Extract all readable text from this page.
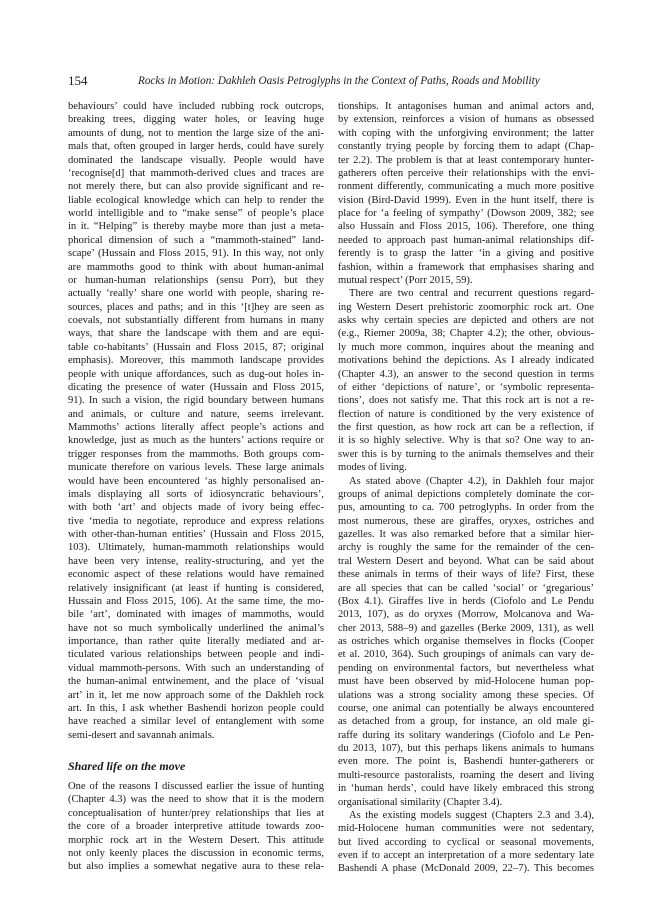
154	Rocks in Motion: Dakhleh Oasis Petroglyphs in the Context of Paths, Roads and Mobility
behaviours’ could have included rubbing rock outcrops,
breaking trees, digging water holes, or leaving huge
amounts of dung, not to mention the large size of the ani-
mals that, often grouped in larger herds, could have surely
dominated the landscape visually. People would have
‘recognise[d] that mammoth-derived clues and traces are
not merely there, but can also provide significant and re-
liable ecological knowledge which can help to render the
world intelligible and to “make sense” of people’s place
in it. “Helping” is thereby maybe more than just a meta-
phorical dimension of such a “mammoth-stained” land-
scape’ (Hussain and Floss 2015, 91). In this way, not only
are mammoths good to think with about human-animal
or human-human relationships (sensu Porr), but they
actually ‘really’ share one world with people, sharing re-
sources, places and paths; and in this ‘[t]hey are seen as
coevals, not substantially different from humans in many
ways, that share the landscape with them and are equi-
table co-habitants’ (Hussain and Floss 2015, 87; original
emphasis). Moreover, this mammoth landscape provides
people with unique affordances, such as dug-out holes in-
dicating the presence of water (Hussain and Floss 2015,
91). In such a vision, the rigid boundary between humans
and animals, or culture and nature, seems irrelevant.
Mammoths’ actions literally affect people’s actions and
knowledge, just as much as the hunters’ actions require or
trigger responses from the mammoths. Both groups com-
municate therefore on various levels. These large animals
would have been encountered ‘as highly personalised an-
imals displaying all sorts of idiosyncratic behaviours’,
with both ‘art’ and objects made of ivory being effec-
tive ‘media to negotiate, reproduce and express relations
with other-than-human entities’ (Hussain and Floss 2015,
103). Ultimately, human-mammoth relationships would
have been very intense, reality-structuring, and yet the
economic aspect of these relations would have remained
relatively insignificant (at least if hunting is considered,
Hussain and Floss 2015, 106). At the same time, the mo-
bile ‘art’, dominated with images of mammoths, would
have not so much symbolically underlined the animal’s
importance, than rather quite literally mediated and ar-
ticulated various relationships between people and indi-
vidual mammoth-persons. With such an understanding of
the human-animal entwinement, and the place of ‘visual
art’ in it, let me now approach some of the Dakhleh rock
art. In this, I ask whether Bashendi horizon people could
have reached a similar level of entanglement with some
semi-desert and savannah animals.
Shared life on the move
One of the reasons I discussed earlier the issue of hunting
(Chapter 4.3) was the need to show that it is the modern
conceptualisation of hunter/prey relationships that lies at
the core of a broader interpretive attitude towards zoo-
morphic rock art in the Western Desert. This attitude
not only keenly places the discussion in economic terms,
but also implies a somewhat negative aura to these rela-
tionships. It antagonises human and animal actors and,
by extension, reinforces a vision of humans as obsessed
with coping with the unforgiving environment; the latter
constantly trying people by forcing them to adapt (Chap-
ter 2.2). The problem is that at least contemporary hunter-
gatherers often perceive their relationships with the envi-
ronment differently, communicating a much more positive
vision (Bird-David 1999). Even in the hunt itself, there is
place for ‘a feeling of sympathy’ (Dowson 2009, 382; see
also Hussain and Floss 2015, 106). Therefore, one thing
needed to approach past human-animal relationships dif-
ferently is to grasp the latter ‘in a giving and positive
fashion, within a framework that emphasises sharing and
mutual respect’ (Porr 2015, 59).
There are two central and recurrent questions regard-
ing Western Desert prehistoric zoomorphic rock art. One
asks why certain species are depicted and others are not
(e.g., Riemer 2009a, 38; Chapter 4.2); the other, obvious-
ly much more common, inquires about the meaning and
motivations behind the depictions. As I already indicated
(Chapter 4.3), an answer to the second question in terms
of either ‘depictions of nature’, or ‘symbolic representa-
tions’, does not satisfy me. That this rock art is not a re-
flection of nature is conditioned by the very existence of
the first question, as how rock art can be a reflection, if
it is so highly selective. Why is that so? One way to an-
swer this is by turning to the animals themselves and their
modes of living.
As stated above (Chapter 4.2), in Dakhleh four major
groups of animal depictions completely dominate the cor-
pus, amounting to ca. 700 petroglyphs. In order from the
most numerous, these are giraffes, oryxes, ostriches and
gazelles. It was also remarked before that a similar hier-
archy is roughly the same for the remainder of the cen-
tral Western Desert and beyond. What can be said about
these animals in terms of their ways of life? First, these
are all species that can be called ‘social’ or ‘gregarious’
(Box 4.1). Giraffes live in herds (Ciofolo and Le Pendu
2013, 107), as do oryxes (Morrow, Molcanova and Wa-
cher 2013, 588–9) and gazelles (Berke 2009, 131), as well
as ostriches which organise themselves in flocks (Cooper
et al. 2010, 364). Such groupings of animals can vary de-
pending on environmental factors, but nevertheless what
must have been observed by mid-Holocene human pop-
ulations was a strong sociality among these species. Of
course, one animal can potentially be always encountered
as detached from a group, for instance, an old male gi-
raffe during its solitary wanderings (Ciofolo and Le Pen-
du 2013, 107), but this perhaps likens animals to humans
even more. The point is, Bashendi hunter-gatherers or
multi-resource pastoralists, roaming the desert and living
in ‘human herds’, could have likely embraced this strong
organisational similarity (Chapter 3.4).
As the existing models suggest (Chapters 2.3 and 3.4),
mid-Holocene human communities were not sedentary,
but lived according to cyclical or seasonal movements,
even if to accept an interpretation of a more sedentary late
Bashendi A phase (McDonald 2009, 22–7). This becomes
